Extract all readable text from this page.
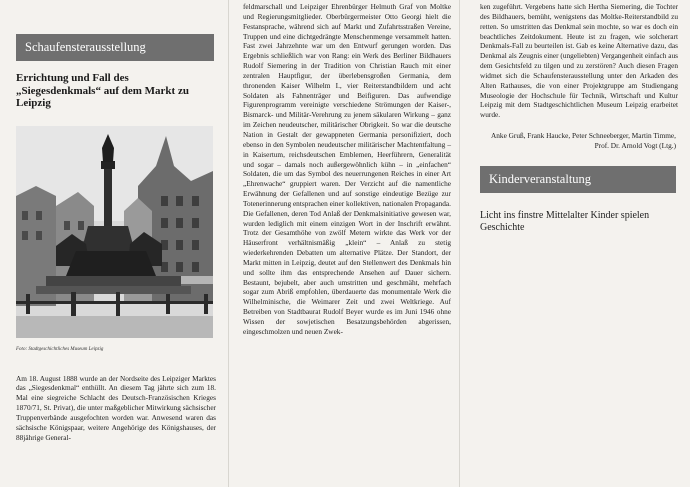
Schaufensterausstellung
Errichtung und Fall des „Siegesdenkmals“ auf dem Markt zu Leipzig
Foto: Stadtgeschichtliches Museum Leipzig

Am 18. August 1888 wurde an der Nordseite des Leipziger Marktes das „Siegesdenkmal“ enthüllt. An diesem Tag jährte sich zum 18. Mal eine siegreiche Schlacht des Deutsch-Französischen Krieges 1870/71, St. Privat), die unter maßgeblicher Mitwirkung sächsischer Truppenverbände ausgefochten worden war. Anwesend waren das sächsische Königspaar, weitere Angehörige des Königshauses, der 88jährige General-

feldmarschall und Leipziger Ehrenbürger Helmuth Graf von Moltke und Regierungsmitglieder. Oberbürgermeister Otto Georgi hielt die Festansprache, während sich auf Markt und Zufahrtsstraßen Vereine, Truppen und eine dichtgedrängte Menschenmenge versammelt hatten. Fast zwei Jahrzehnte war um den Entwurf gerungen worden. Das Ergebnis schließlich war von Rang: ein Werk des Berliner Bildhauers Rudolf Siemering in der Tradition von Christian Rauch mit einer zentralen Hauptfigur, der überlebensgroßen Germania, dem thronenden Kaiser Wilhelm I., vier Reiterstandbildern und acht Soldaten als Fahnenträger und Beifiguren. Das aufwendige Figurenprogramm vereinigte verschiedene Strömungen der Kaiser-, Bismarck- und Militär-Verehrung zu jenem säkularen Wirkung – ganz im Zeichen neudeutscher, militärischer Obrigkeit. So war die deutsche Nation in Gestalt der gewappneten Germania personifiziert, doch ebenso in den Symbolen neudeutscher militärischer Machtentfaltung – in Kaisertum, reichsdeutschen Emblemen, Heerführern, Generalität und sogar – damals noch außergewöhnlich kühn – in „einfachen“ Soldaten, die um das Symbol des neuerrungenen Reiches in einer Art „Ehrenwache“ gruppiert waren. Der Verzicht auf die namentliche Erwähnung der Gefallenen und auf sonstige eindeutige Bezüge zur Totenerinnerung entsprachen einer kollektiven, nationalen Propaganda. Die Gefallenen, deren Tod Anlaß der Denkmalsinitiative gewesen war, wurden lediglich mit einem einzigen Wort in der Inschrift erwähnt. Trotz der Gesamthöhe von zwölf Metern wirkte das Werk vor der Häuserfront verhältnismäßig „klein“ – Anlaß zu stetig wiederkehrenden Debatten um alternative Plätze. Der Standort, der Markt mitten in Leipzig, deutet auf den Stellenwert des Denkmals hin und sollte ihm das entsprechende Ansehen auf Dauer sichern. Bestaunt, bejubelt, aber auch umstritten und geschmäht, mehrfach sogar zum Abriß empfohlen, überdauerte das monumentale Werk die Wilhelminische, die Weimarer Zeit und zwei Weltkriege. Auf Betreiben von Stadtbaurat Rudolf Beyer wurde es im Juni 1946 ohne Wissen der sowjetischen Besatzungsbehörden abgerissen, eingeschmolzen und neuen Zwek-

ken zugeführt. Vergebens hatte sich Hertha Siemering, die Tochter des Bildhauers, bemüht, wenigstens das Moltke-Reiterstandbild zu retten. So umstritten das Denkmal sein mochte, so war es doch ein beachtliches Zeitdokument. Heute ist zu fragen, wie solcherart Denkmals-Fall zu beurteilen ist. Gab es keine Alternative dazu, das Denkmal als Zeugnis einer (ungeliebten) Vergangenheit einfach aus dem Gesichtsfeld zu tilgen und zu zerstören? Auch diesen Fragen widmet sich die Schaufensterausstellung unter den Arkaden des Alten Rathauses, die von einer Projektgruppe am Studiengang Museologie der Hochschule für Technik, Wirtschaft und Kultur Leipzig mit dem Stadtgeschichtlichen Museum Leipzig erarbeitet wurde.

Anke Gruß, Frank Haucke, Peter Schneeberger, Martin Timme, Prof. Dr. Arnold Vogt (Ltg.)
Kinderveranstaltung
Licht ins finstre Mittelalter Kinder spielen Geschichte
